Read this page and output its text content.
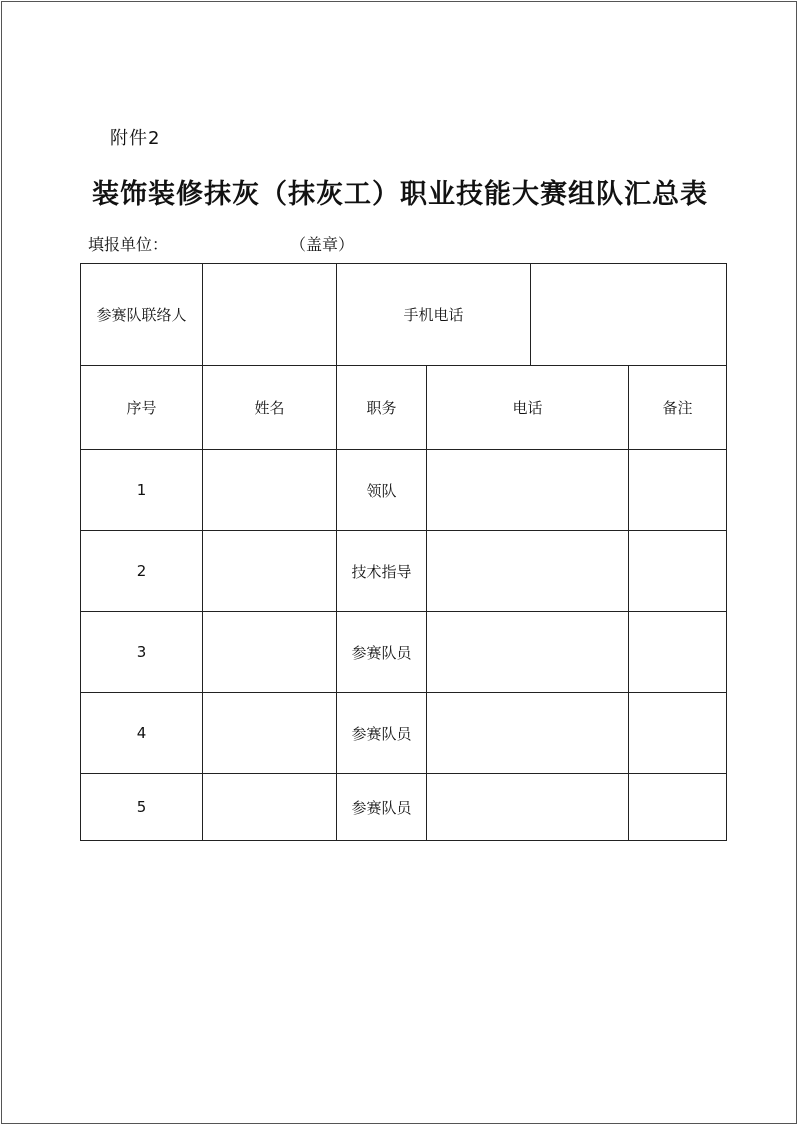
附件2
装饰装修抹灰（抹灰工）职业技能大赛组队汇总表
填报单位：	（盖章）
参赛队联络人		手机电话			
序号	姓名	职务	电话		备注
1		领队			
2		技术指导			
3		参赛队员			
4		参赛队员			
5		参赛队员			
